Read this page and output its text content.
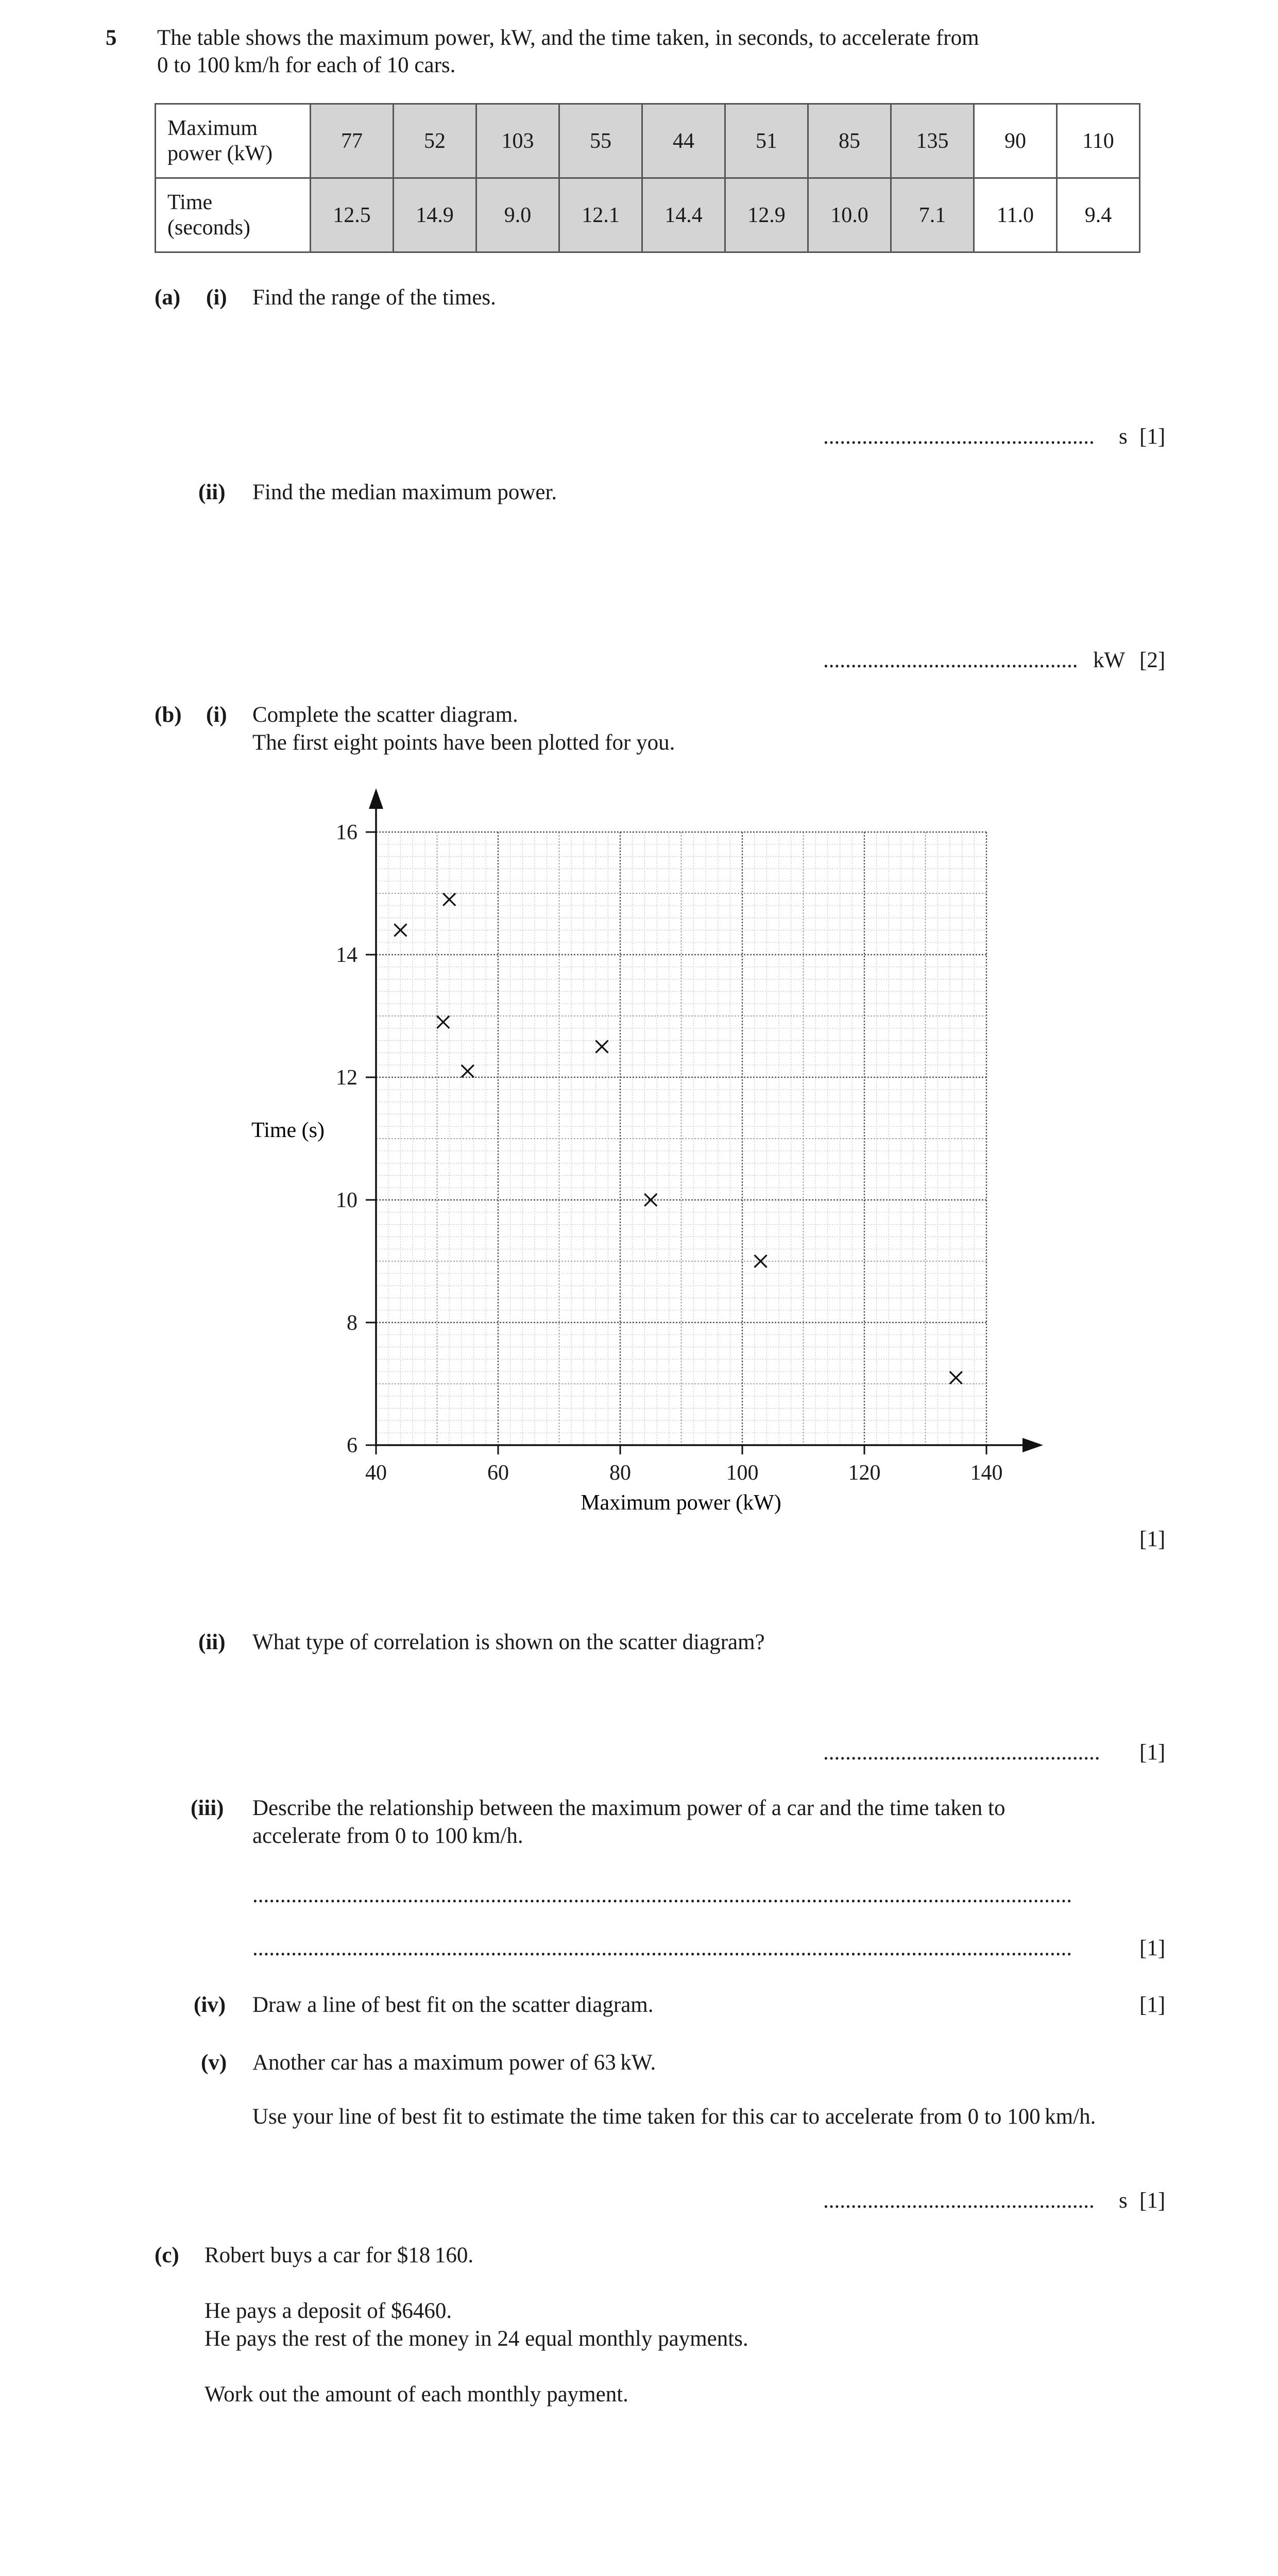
5 The table shows the maximum power, kW, and the time taken, in seconds, to accelerate from
0 to 100 km/h for each of 10 cars.
Maximum
power (kW)	77	52	103	55	44	51	85	135	90	110
Time
(seconds)	12.5	14.9	9.0	12.1	14.4	12.9	10.0	7.1	11.0	9.4
(a) (i) Find the range of the times.
................................................. s [1]
(ii) Find the median maximum power.
.............................................. kW [2]
(b) (i) Complete the scatter diagram.
The first eight points have been plotted for you.
40	60	80	100	120	140
6
8
10
12
14
16
Maximum power (kW)
Time (s)
[1]
(ii) What type of correlation is shown on the scatter diagram?
.................................................. [1]
(iii) Describe the relationship between the maximum power of a car and the time taken to
accelerate from 0 to 100 km/h.
....................................................................................................................................................
....................................................................................................................................................	[1]
(iv) Draw a line of best fit on the scatter diagram.	[1]
(v) Another car has a maximum power of 63 kW.
Use your line of best fit to estimate the time taken for this car to accelerate from 0 to 100 km/h.
................................................. s [1]
(c) Robert buys a car for $18 160.
He pays a deposit of $6460.
He pays the rest of the money in 24 equal monthly payments.
Work out the amount of each monthly payment.
